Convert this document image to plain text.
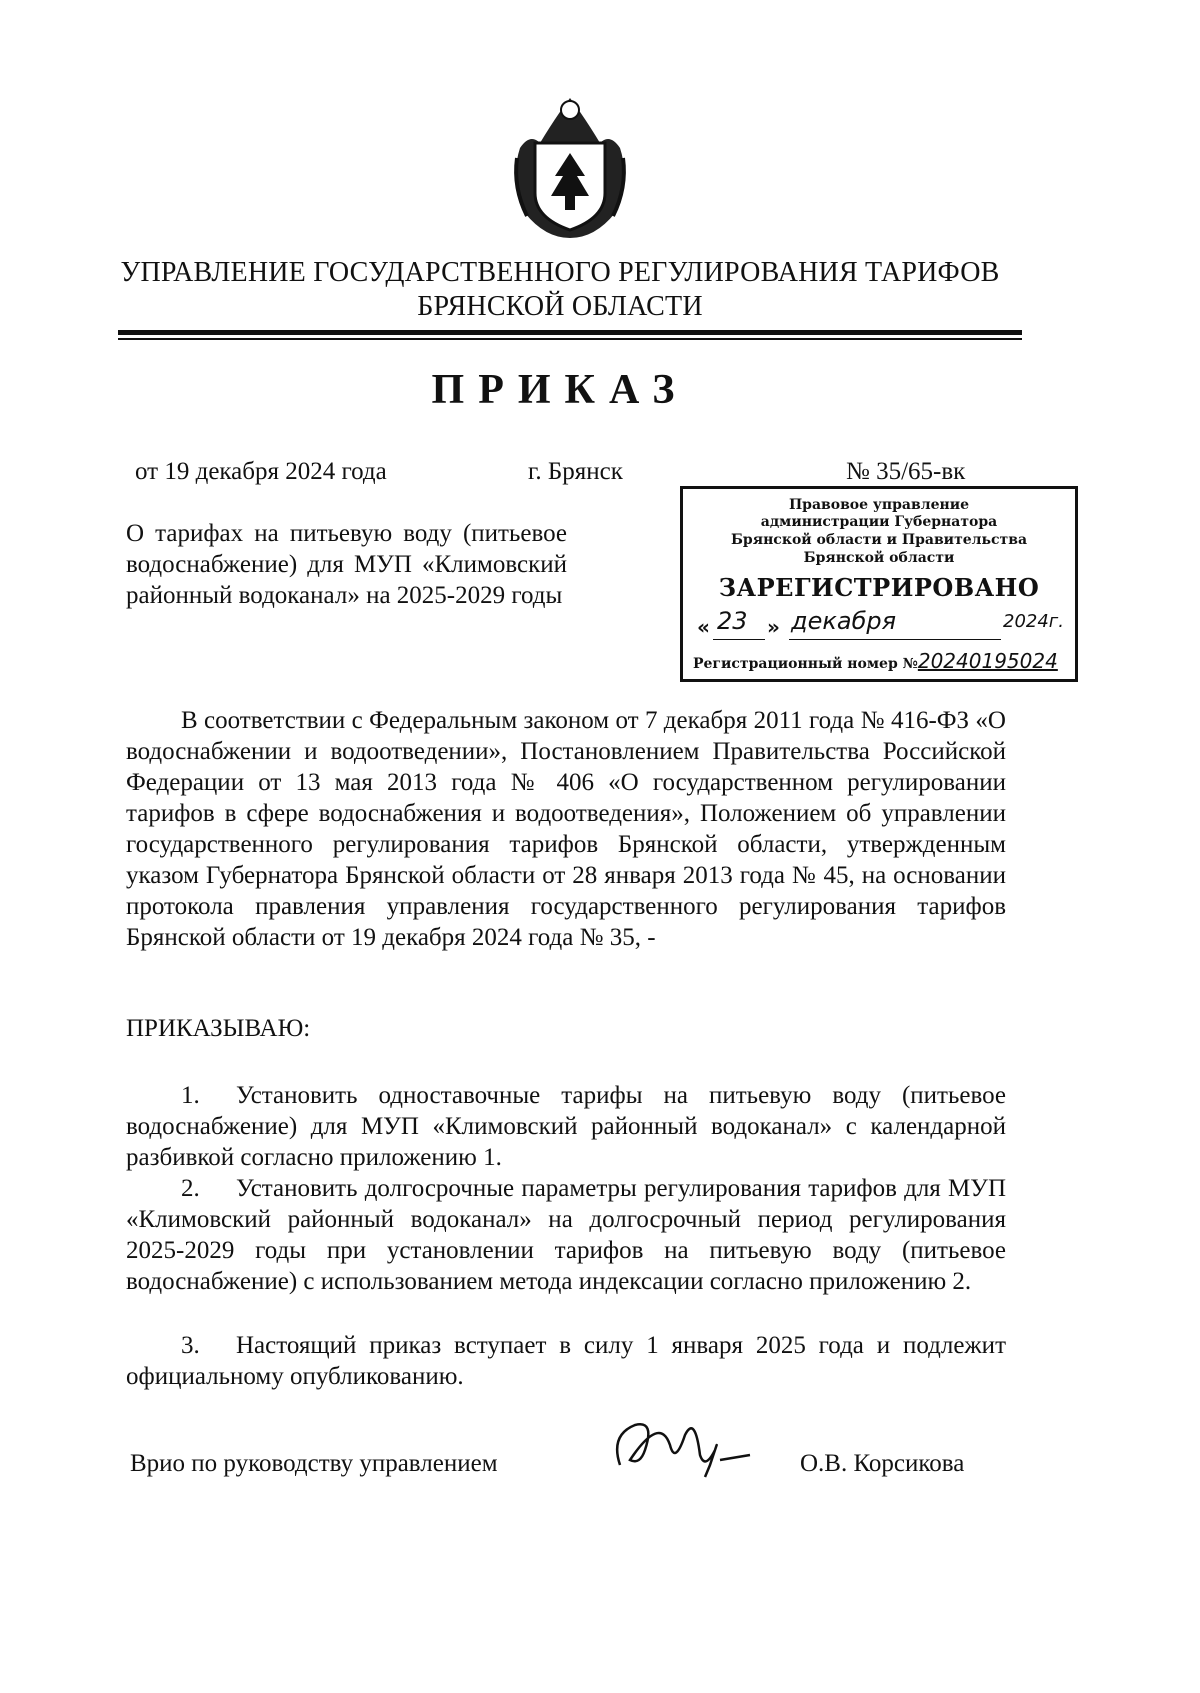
УПРАВЛЕНИЕ ГОСУДАРСТВЕННОГО РЕГУЛИРОВАНИЯ ТАРИФОВ
БРЯНСКОЙ ОБЛАСТИ
ПРИКАЗ
от 19 декабря 2024 года	г. Брянск	№ 35/65-вк
О тарифах на питьевую воду (питьевое водоснабжение) для МУП «Климовский районный водоканал» на 2025-2029 годы
Правовое управление
администрации Губернатора
Брянской области и Правительства
Брянской области
ЗАРЕГИСТРИРОВАНО
« 23 » декабря	2024г.
Регистрационный номер №20240195024
В соответствии с Федеральным законом от 7 декабря 2011 года № 416-ФЗ «О водоснабжении и водоотведении», Постановлением Правительства Российской Федерации от 13 мая 2013 года № 406 «О государственном регулировании тарифов в сфере водоснабжения и водоотведения», Положением об управлении государственного регулирования тарифов Брянской области, утвержденным указом Губернатора Брянской области от 28 января 2013 года № 45, на основании протокола правления управления государственного регулирования тарифов Брянской области от 19 декабря 2024 года № 35, -
ПРИКАЗЫВАЮ:
1. Установить одноставочные тарифы на питьевую воду (питьевое водоснабжение) для МУП «Климовский районный водоканал» с календарной разбивкой согласно приложению 1.
2. Установить долгосрочные параметры регулирования тарифов для МУП «Климовский районный водоканал» на долгосрочный период регулирования 2025-2029 годы при установлении тарифов на питьевую воду (питьевое водоснабжение) с использованием метода индексации согласно приложению 2.
3. Настоящий приказ вступает в силу 1 января 2025 года и подлежит официальному опубликованию.
Врио по руководству управлением	О.В. Корсикова
